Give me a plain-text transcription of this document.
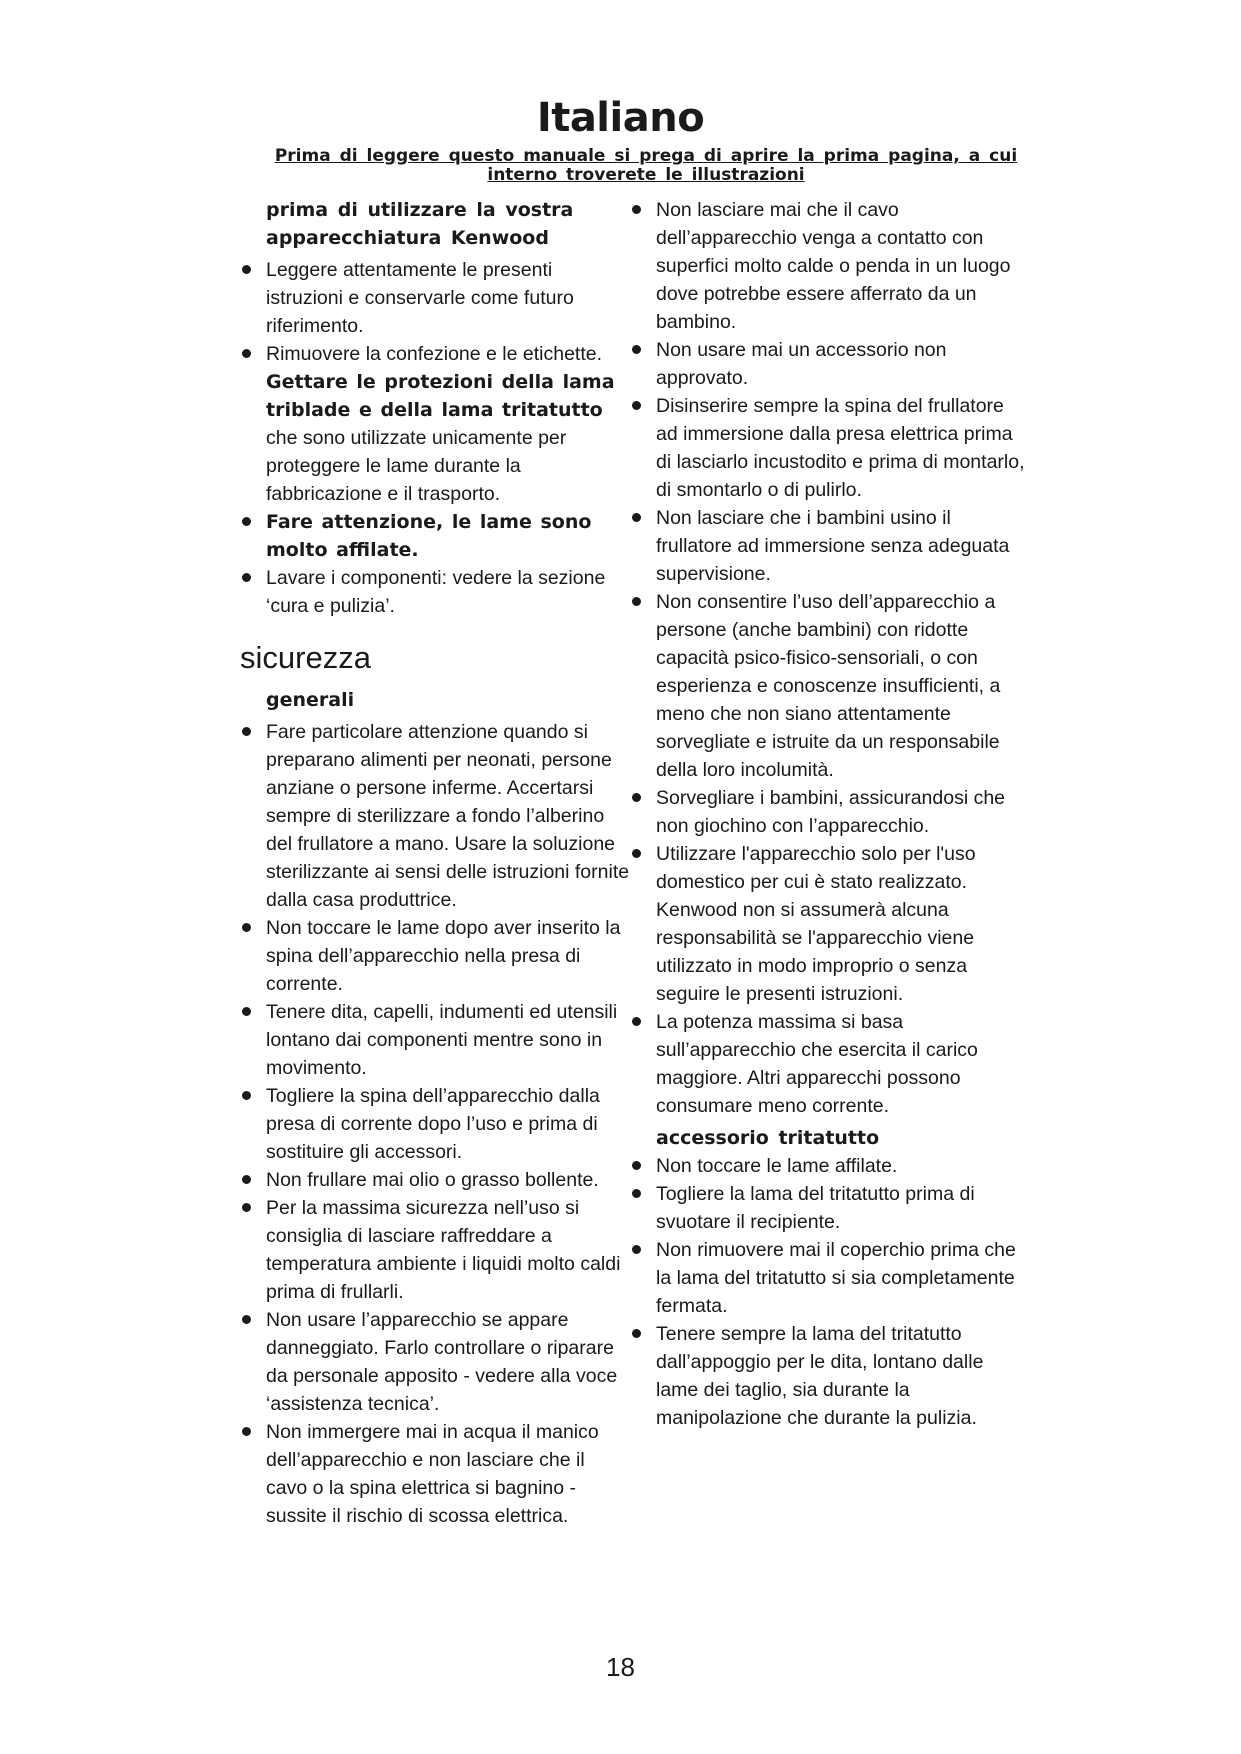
Italiano
Prima di leggere questo manuale si prega di aprire la prima pagina, a cui interno troverete le illustrazioni
prima di utilizzare la vostra apparecchiatura Kenwood
Leggere attentamente le presenti istruzioni e conservarle come futuro riferimento.
Rimuovere la confezione e le etichette. Gettare le protezioni della lama triblade e della lama tritatutto che sono utilizzate unicamente per proteggere le lame durante la fabbricazione e il trasporto.
Fare attenzione, le lame sono molto affilate.
Lavare i componenti: vedere la sezione ‘cura e pulizia’.
sicurezza
generali
Fare particolare attenzione quando si preparano alimenti per neonati, persone anziane o persone inferme. Accertarsi sempre di sterilizzare a fondo l’alberino del frullatore a mano. Usare la soluzione sterilizzante ai sensi delle istruzioni fornite dalla casa produttrice.
Non toccare le lame dopo aver inserito la spina dell’apparecchio nella presa di corrente.
Tenere dita, capelli, indumenti ed utensili lontano dai componenti mentre sono in movimento.
Togliere la spina dell’apparecchio dalla presa di corrente dopo l’uso e prima di sostituire gli accessori.
Non frullare mai olio o grasso bollente.
Per la massima sicurezza nell’uso si consiglia di lasciare raffreddare a temperatura ambiente i liquidi molto caldi prima di frullarli.
Non usare l’apparecchio se appare danneggiato. Farlo controllare o riparare da personale apposito - vedere alla voce ‘assistenza tecnica’.
Non immergere mai in acqua il manico dell’apparecchio e non lasciare che il cavo o la spina elettrica si bagnino - sussite il rischio di scossa elettrica.
Non lasciare mai che il cavo dell’apparecchio venga a contatto con superfici molto calde o penda in un luogo dove potrebbe essere afferrato da un bambino.
Non usare mai un accessorio non approvato.
Disinserire sempre la spina del frullatore ad immersione dalla presa elettrica prima di lasciarlo incustodito e prima di montarlo, di smontarlo o di pulirlo.
Non lasciare che i bambini usino il frullatore ad immersione senza adeguata supervisione.
Non consentire l’uso dell’apparecchio a persone (anche bambini) con ridotte capacità psico-fisico-sensoriali, o con esperienza e conoscenze insufficienti, a meno che non siano attentamente sorvegliate e istruite da un responsabile della loro incolumità.
Sorvegliare i bambini, assicurandosi che non giochino con l’apparecchio.
Utilizzare l'apparecchio solo per l'uso domestico per cui è stato realizzato. Kenwood non si assumerà alcuna responsabilità se l'apparecchio viene utilizzato in modo improprio o senza seguire le presenti istruzioni.
La potenza massima si basa sull’apparecchio che esercita il carico maggiore. Altri apparecchi possono consumare meno corrente.
accessorio tritatutto
Non toccare le lame affilate.
Togliere la lama del tritatutto prima di svuotare il recipiente.
Non rimuovere mai il coperchio prima che la lama del tritatutto si sia completamente fermata.
Tenere sempre la lama del tritatutto dall’appoggio per le dita, lontano dalle lame dei taglio, sia durante la manipolazione che durante la pulizia.
18
